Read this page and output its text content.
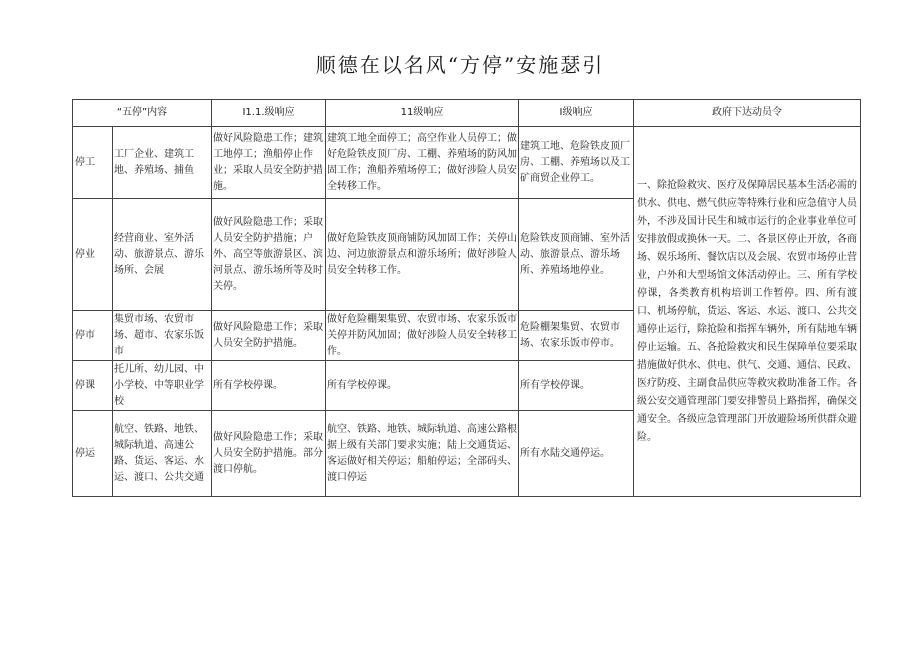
顺德在以名风“方停”安施瑟引
“五停”内容		I1.1.级响应	11级响应	I级响应	政府下达动员令
停工	工厂企业、建筑工地、养殖场、捕鱼	做好风险隐患工作；建筑工地停工；渔船停止作业；采取人员安全防护措施。	建筑工地全面停工；高空作业人员停工；做好危险铁皮顶厂房、工棚、养殖场的防风加固工作；渔船养殖场停工；做好涉险人员安全转移工作。	建筑工地、危险铁皮顶厂房、工棚、养殖场以及工矿商贸企业停工。	一、除抢险救灾、医疗及保障居民基本生活必需的供水、供电、燃气供应等特殊行业和应急值守人员外，不涉及国计民生和城市运行的企业事业单位可安排放假或换休一天。二、各景区停止开放，各商场、娱乐场所、餐饮店以及会展、农贸市场停止营业，户外和大型场馆文体活动停止。三、所有学校停课，各类教育机构培训工作暂停。四、所有渡口、机场停航，货运、客运、水运、渡口、公共交通停止运行，除抢险和指挥车辆外，所有陆地车辆停止运输。五、各抢险救灾和民生保障单位要采取措施做好供水、供电、供气、交通、通信、民政、医疗防疫、主副食品供应等救灾救助准备工作。各级公安交通管理部门要安排警员上路指挥，确保交通安全。各级应急管理部门开放避险场所供群众避险。

停业	经营商业、室外活动、旅游景点、游乐场所、会展	做好风险隐患工作；采取人员安全防护措施；户外、高空等旅游景区、滨河景点、游乐场所等及时关停。	做好危险铁皮顶商铺防风加固工作；关停山边、河边旅游景点和游乐场所；做好涉险人员安全转移工作。	危险铁皮顶商铺、室外活动、旅游景点、游乐场所、养殖场地停业。	

停市	集贸市场、农贸市场、超市、农家乐饭市	做好风险隐患工作；采取人员安全防护措施。	做好危险棚架集贸、农贸市场、农家乐饭市关停并防风加固；做好涉险人员安全转移工作。	危险棚架集贸、农贸市场、农家乐饭市停市。	

停课	托儿所、幼儿园、中小学校、中等职业学校	所有学校停课。	所有学校停课。	所有学校停课。	

停运	航空、铁路、地铁、城际轨道、高速公路、货运、客运、水运、渡口、公共交通	做好风险隐患工作；采取人员安全防护措施。部分渡口停航。	航空、铁路、地铁、城际轨道、高速公路根据上级有关部门要求实施；陆上交通货运、客运做好相关停运；船舶停运；全部码头、渡口停运	所有水陆交通停运。	
